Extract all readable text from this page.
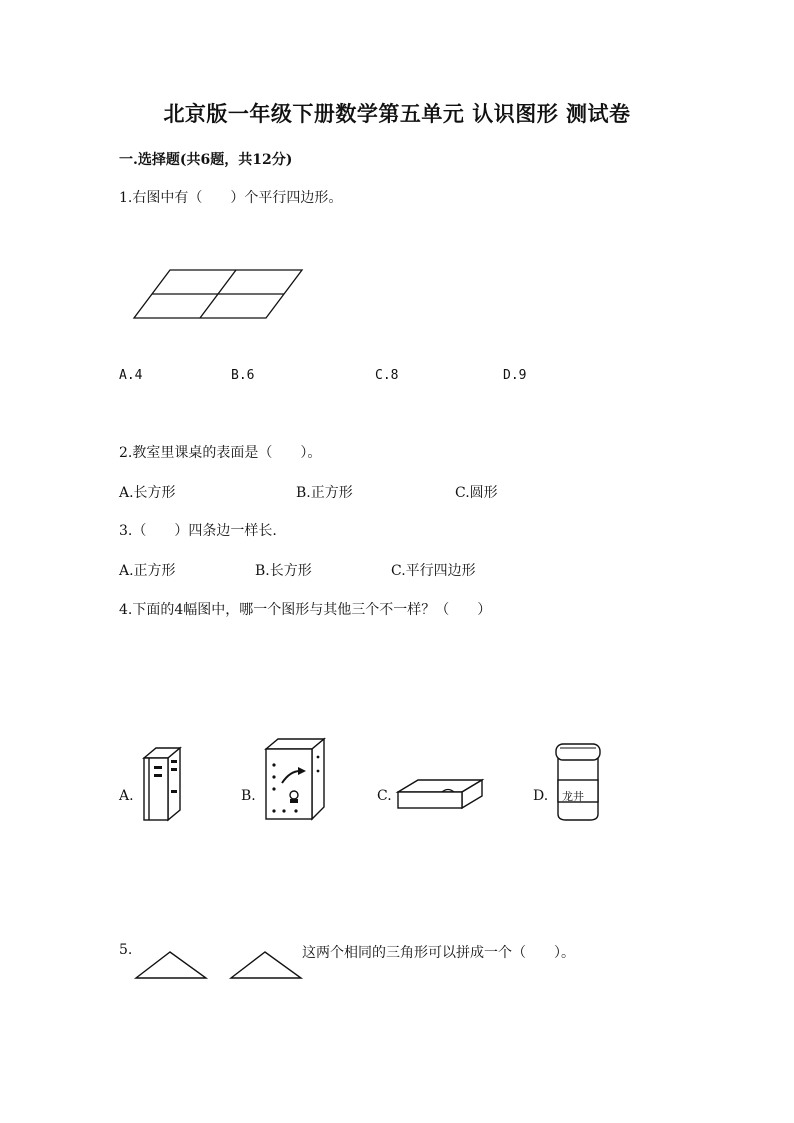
北京版一年级下册数学第五单元 认识图形 测试卷
一.选择题(共6题，共12分)
1.右图中有（　　）个平行四边形。
A.4	B.6	C.8	D.9
2.教室里课桌的表面是（　　）。
A.长方形	B.正方形	C.圆形
3.（　　）四条边一样长.
A.正方形	B.长方形	C.平行四边形
4.下面的4幅图中，哪一个图形与其他三个不一样？（　　）
A.	B.	C.	D. 龙井
5.	这两个相同的三角形可以拼成一个（　　）。
